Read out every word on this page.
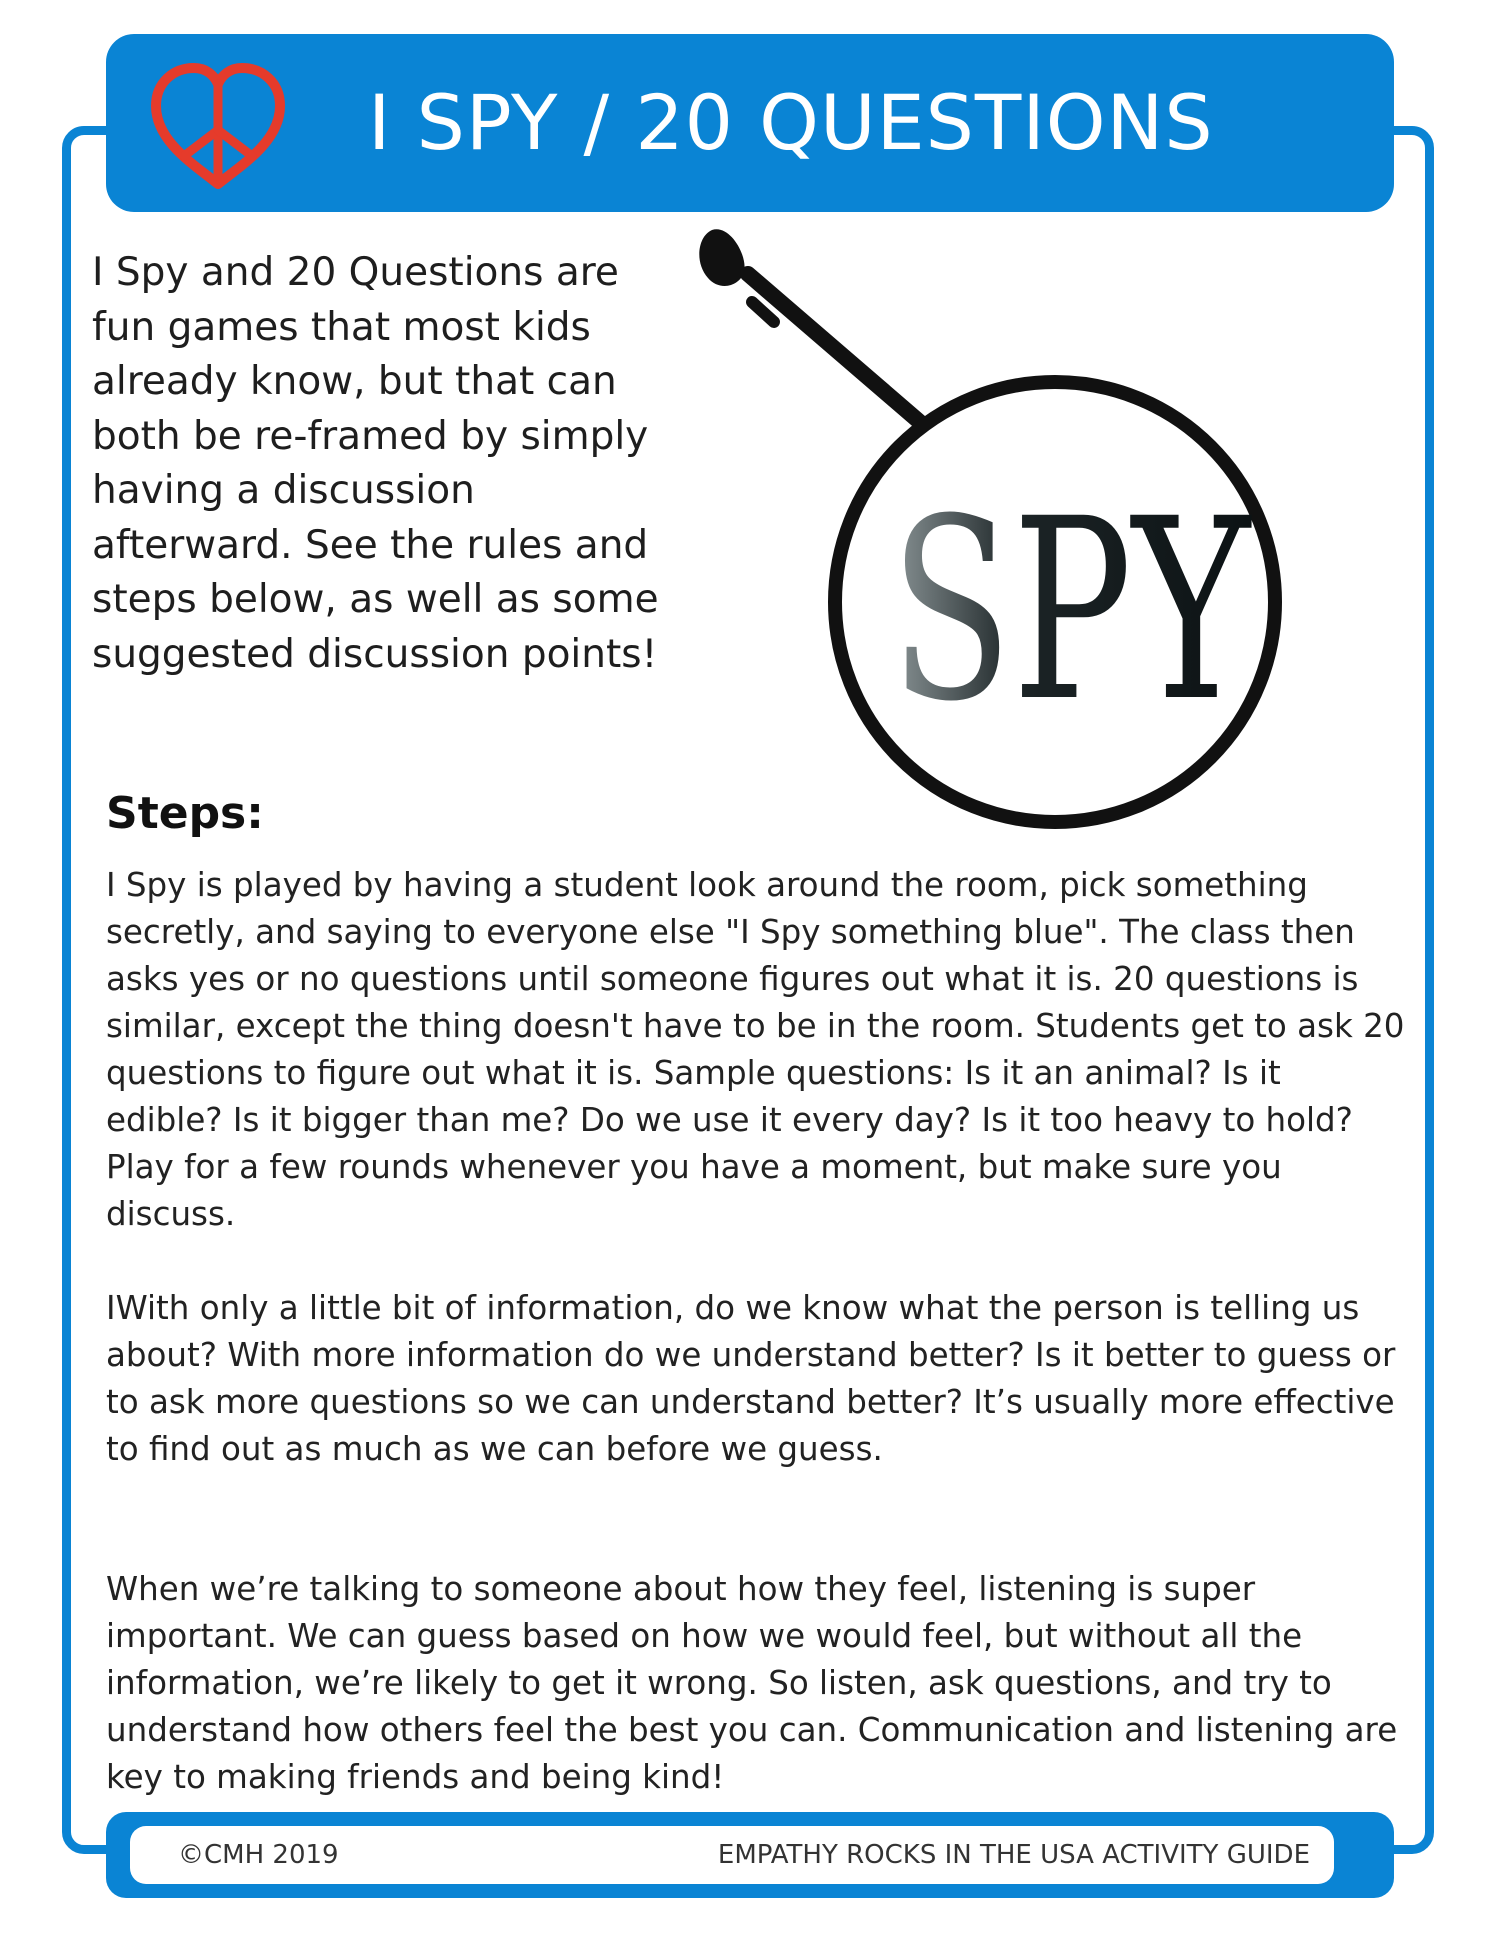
I SPY / 20 QUESTIONS

I Spy and 20 Questions are fun games that most kids already know, but that can both be re-framed by simply having a discussion afterward. See the rules and steps below, as well as some suggested discussion points! SPY
Steps:

I Spy is played by having a student look around the room, pick something secretly, and saying to everyone else "I Spy something blue". The class then asks yes or no questions until someone figures out what it is. 20 questions is similar, except the thing doesn't have to be in the room. Students get to ask 20 questions to figure out what it is. Sample questions: Is it an animal? Is it edible? Is it bigger than me? Do we use it every day? Is it too heavy to hold? Play for a few rounds whenever you have a moment, but make sure you discuss.

IWith only a little bit of information, do we know what the person is telling us about? With more information do we understand better? Is it better to guess or to ask more questions so we can understand better? It’s usually more effective to find out as much as we can before we guess.

When we’re talking to someone about how they feel, listening is super important. We can guess based on how we would feel, but without all the information, we’re likely to get it wrong. So listen, ask questions, and try to understand how others feel the best you can. Communication and listening are key to making friends and being kind!

©CMH 2019	EMPATHY ROCKS IN THE USA ACTIVITY GUIDE
